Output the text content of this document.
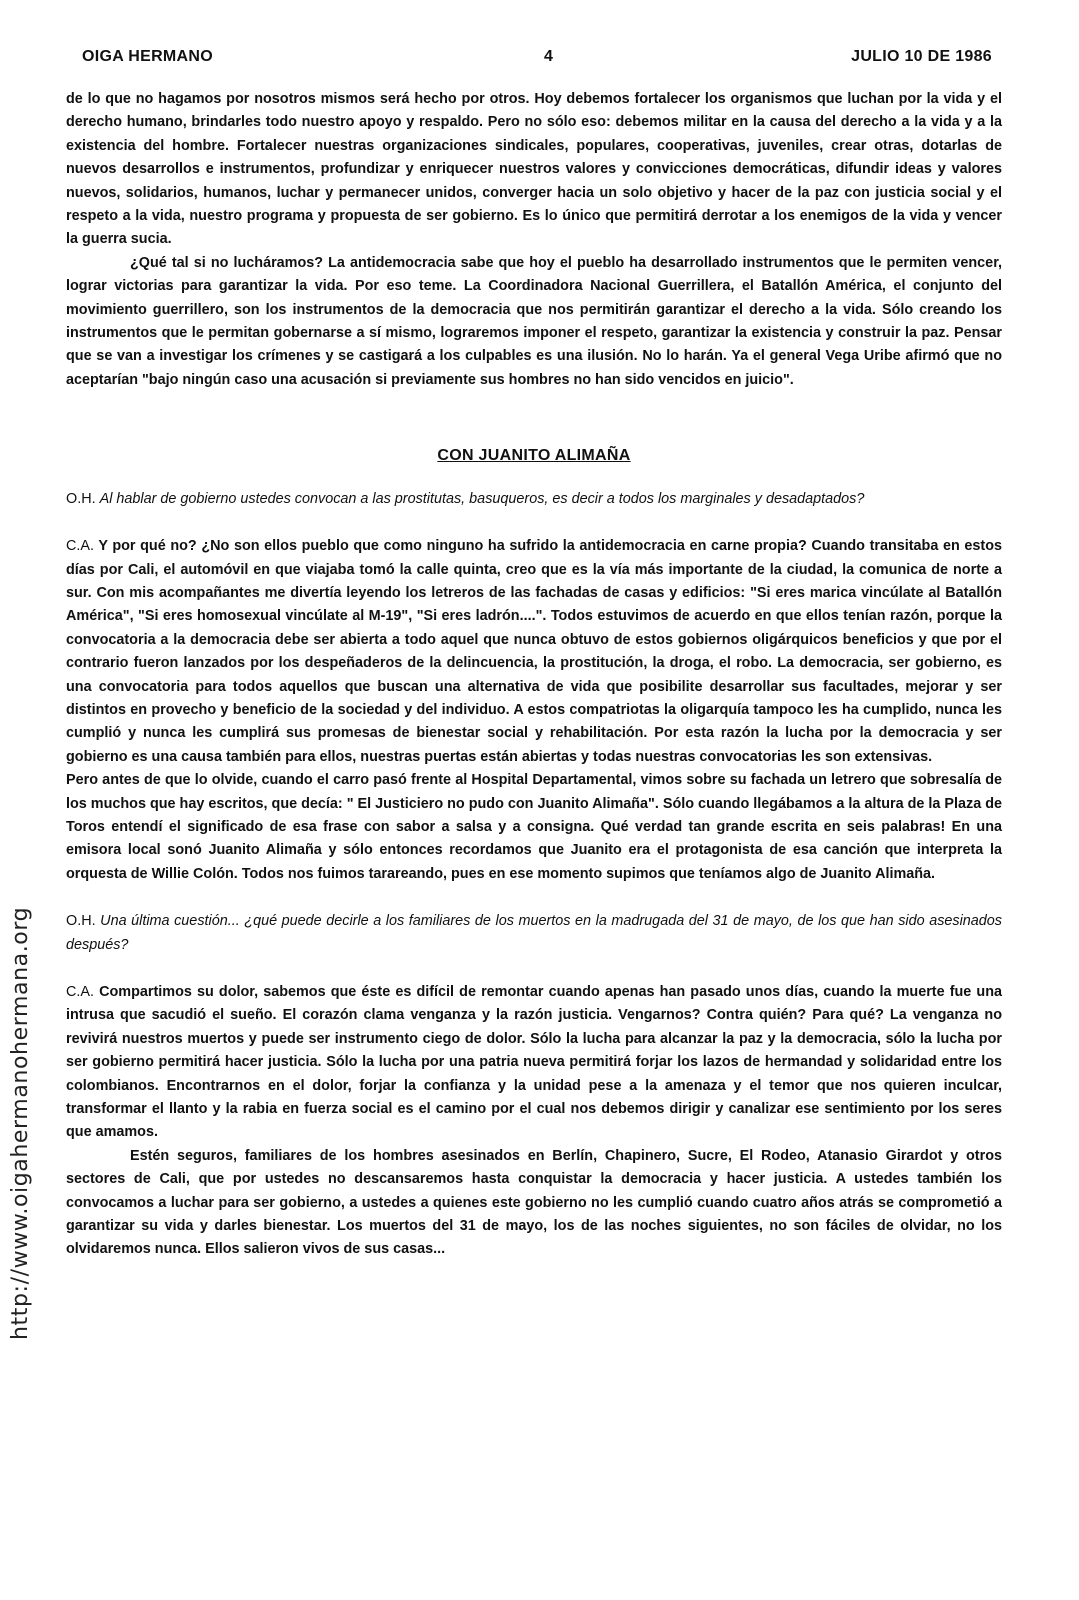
OIGA HERMANO	4	JULIO 10 DE 1986
http://www.oigahermanohermana.org

de lo que no hagamos por nosotros mismos será hecho por otros. Hoy debemos fortalecer los organismos que luchan por la vida y el derecho humano, brindarles todo nuestro apoyo y respaldo. Pero no sólo eso: debemos militar en la causa del derecho a la vida y a la existencia del hombre. Fortalecer nuestras organizaciones sindicales, populares, cooperativas, juveniles, crear otras, dotarlas de nuevos desarrollos e instrumentos, profundizar y enriquecer nuestros valores y convicciones democráticas, difundir ideas y valores nuevos, solidarios, humanos, luchar y permanecer unidos, converger hacia un solo objetivo y hacer de la paz con justicia social y el respeto a la vida, nuestro programa y propuesta de ser gobierno. Es lo único que permitirá derrotar a los enemigos de la vida y vencer la guerra sucia.

¿Qué tal si no lucháramos? La antidemocracia sabe que hoy el pueblo ha desarrollado instrumentos que le permiten vencer, lograr victorias para garantizar la vida. Por eso teme. La Coordinadora Nacional Guerrillera, el Batallón América, el conjunto del movimiento guerrillero, son los instrumentos de la democracia que nos permitirán garantizar el derecho a la vida. Sólo creando los instrumentos que le permitan gobernarse a sí mismo, lograremos imponer el respeto, garantizar la existencia y construir la paz. Pensar que se van a investigar los crímenes y se castigará a los culpables es una ilusión. No lo harán. Ya el general Vega Uribe afirmó que no aceptarían "bajo ningún caso una acusación si previamente sus hombres no han sido vencidos en juicio".

CON JUANITO ALIMAÑA

O.H. Al hablar de gobierno ustedes convocan a las prostitutas, basuqueros, es decir a todos los marginales y desadaptados?

C.A. Y por qué no? ¿No son ellos pueblo que como ninguno ha sufrido la antidemocracia en carne propia? Cuando transitaba en estos días por Cali, el automóvil en que viajaba tomó la calle quinta, creo que es la vía más importante de la ciudad, la comunica de norte a sur. Con mis acompañantes me divertía leyendo los letreros de las fachadas de casas y edificios: "Si eres marica vincúlate al Batallón América", "Si eres homosexual vincúlate al M-19", "Si eres ladrón....". Todos estuvimos de acuerdo en que ellos tenían razón, porque la convocatoria a la democracia debe ser abierta a todo aquel que nunca obtuvo de estos gobiernos oligárquicos beneficios y que por el contrario fueron lanzados por los despeñaderos de la delincuencia, la prostitución, la droga, el robo. La democracia, ser gobierno, es una convocatoria para todos aquellos que buscan una alternativa de vida que posibilite desarrollar sus facultades, mejorar y ser distintos en provecho y beneficio de la sociedad y del individuo. A estos compatriotas la oligarquía tampoco les ha cumplido, nunca les cumplió y nunca les cumplirá sus promesas de bienestar social y rehabilitación. Por esta razón la lucha por la democracia y ser gobierno es una causa también para ellos, nuestras puertas están abiertas y todas nuestras convocatorias les son extensivas.

Pero antes de que lo olvide, cuando el carro pasó frente al Hospital Departamental, vimos sobre su fachada un letrero que sobresalía de los muchos que hay escritos, que decía: " El Justiciero no pudo con Juanito Alimaña". Sólo cuando llegábamos a la altura de la Plaza de Toros entendí el significado de esa frase con sabor a salsa y a consigna. Qué verdad tan grande escrita en seis palabras! En una emisora local sonó Juanito Alimaña y sólo entonces recordamos que Juanito era el protagonista de esa canción que interpreta la orquesta de Willie Colón. Todos nos fuimos tarareando, pues en ese momento supimos que teníamos algo de Juanito Alimaña.

O.H. Una última cuestión... ¿qué puede decirle a los familiares de los muertos en la madrugada del 31 de mayo, de los que han sido asesinados después?

C.A. Compartimos su dolor, sabemos que éste es difícil de remontar cuando apenas han pasado unos días, cuando la muerte fue una intrusa que sacudió el sueño. El corazón clama venganza y la razón justicia. Vengarnos? Contra quién? Para qué? La venganza no revivirá nuestros muertos y puede ser instrumento ciego de dolor. Sólo la lucha para alcanzar la paz y la democracia, sólo la lucha por ser gobierno permitirá hacer justicia. Sólo la lucha por una patria nueva permitirá forjar los lazos de hermandad y solidaridad entre los colombianos. Encontrarnos en el dolor, forjar la confianza y la unidad pese a la amenaza y el temor que nos quieren inculcar, transformar el llanto y la rabia en fuerza social es el camino por el cual nos debemos dirigir y canalizar ese sentimiento por los seres que amamos.

Estén seguros, familiares de los hombres asesinados en Berlín, Chapinero, Sucre, El Rodeo, Atanasio Girardot y otros sectores de Cali, que por ustedes no descansaremos hasta conquistar la democracia y hacer justicia. A ustedes también los convocamos a luchar para ser gobierno, a ustedes a quienes este gobierno no les cumplió cuando cuatro años atrás se comprometió a garantizar su vida y darles bienestar. Los muertos del 31 de mayo, los de las noches siguientes, no son fáciles de olvidar, no los olvidaremos nunca. Ellos salieron vivos de sus casas...
